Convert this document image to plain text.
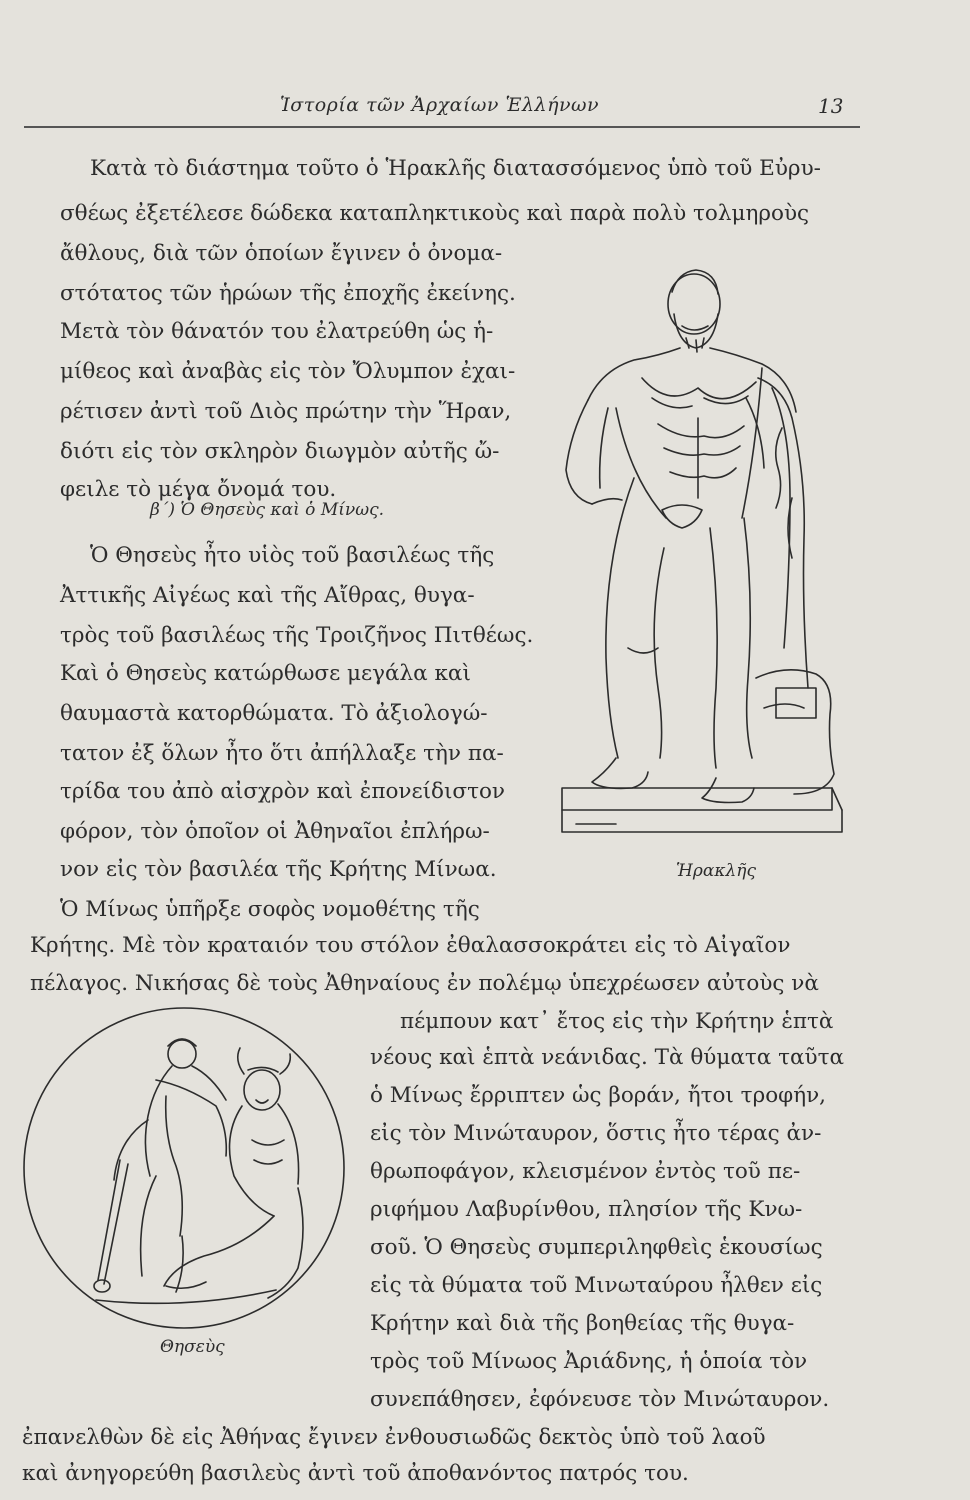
Ἱστορία τῶν Ἀρχαίων Ἑλλήνων	13
Κατὰ τὸ διάστημα τοῦτο ὁ Ἡρακλῆς διατασσόμενος ὑπὸ τοῦ Εὐρυ-
σθέως ἐξετέλεσε δώδεκα καταπληκτικοὺς καὶ παρὰ πολὺ τολμηροὺς
ἄθλους, διὰ τῶν ὁποίων ἔγινεν ὁ ὀνομα-
στότατος τῶν ἡρώων τῆς ἐποχῆς ἐκείνης.
Μετὰ τὸν θάνατόν του ἐλατρεύθη ὡς ἡ-
μίθεος καὶ ἀναβὰς εἰς τὸν Ὄλυμπον ἐχαι-
ρέτισεν ἀντὶ τοῦ Διὸς πρώτην τὴν Ἥραν,
διότι εἰς τὸν σκληρὸν διωγμὸν αὐτῆς ὤ-
φειλε τὸ μέγα ὄνομά του.
β΄) Ὁ Θησεὺς καὶ ὁ Μίνως.
Ὁ Θησεὺς ἦτο υἱὸς τοῦ βασιλέως τῆς
Ἀττικῆς Αἰγέως καὶ τῆς Αἴθρας, θυγα-
τρὸς τοῦ βασιλέως τῆς Τροιζῆνος Πιτθέως.
Καὶ ὁ Θησεὺς κατώρθωσε μεγάλα καὶ
θαυμαστὰ κατορθώματα. Τὸ ἀξιολογώ-
τατον ἐξ ὅλων ἦτο ὅτι ἀπήλλαξε τὴν πα-
τρίδα του ἀπὸ αἰσχρὸν καὶ ἐπονείδιστον
φόρον, τὸν ὁποῖον οἱ Ἀθηναῖοι ἐπλήρω-
νον εἰς τὸν βασιλέα τῆς Κρήτης Μίνωα.
Ὁ Μίνως ὑπῆρξε σοφὸς νομοθέτης τῆς
Κρήτης. Μὲ τὸν κραταιόν του στόλον ἐθαλασσοκράτει εἰς τὸ Αἰγαῖον
πέλαγος. Νικήσας δὲ τοὺς Ἀθηναίους ἐν πολέμῳ ὑπεχρέωσεν αὐτοὺς νὰ
πέμπουν κατ᾽ ἔτος εἰς τὴν Κρήτην ἑπτὰ
νέους καὶ ἑπτὰ νεάνιδας. Τὰ θύματα ταῦτα
ὁ Μίνως ἔρριπτεν ὡς βοράν, ἤτοι τροφήν,
εἰς τὸν Μινώταυρον, ὅστις ἦτο τέρας ἀν-
θρωποφάγον, κλεισμένον ἐντὸς τοῦ πε-
ριφήμου Λαβυρίνθου, πλησίον τῆς Κνω-
σοῦ. Ὁ Θησεὺς συμπεριληφθεὶς ἑκουσίως
εἰς τὰ θύματα τοῦ Μινωταύρου ἦλθεν εἰς
Κρήτην καὶ διὰ τῆς βοηθείας τῆς θυγα-
τρὸς τοῦ Μίνωος Ἀριάδνης, ἡ ὁποία τὸν
συνεπάθησεν, ἐφόνευσε τὸν Μινώταυρον.
ἐπανελθὼν δὲ εἰς Ἀθήνας ἔγινεν ἐνθουσιωδῶς δεκτὸς ὑπὸ τοῦ λαοῦ
καὶ ἀνηγορεύθη βασιλεὺς ἀντὶ τοῦ ἀποθανόντος πατρός του.
Ἡρακλῆς
Θησεὺς
